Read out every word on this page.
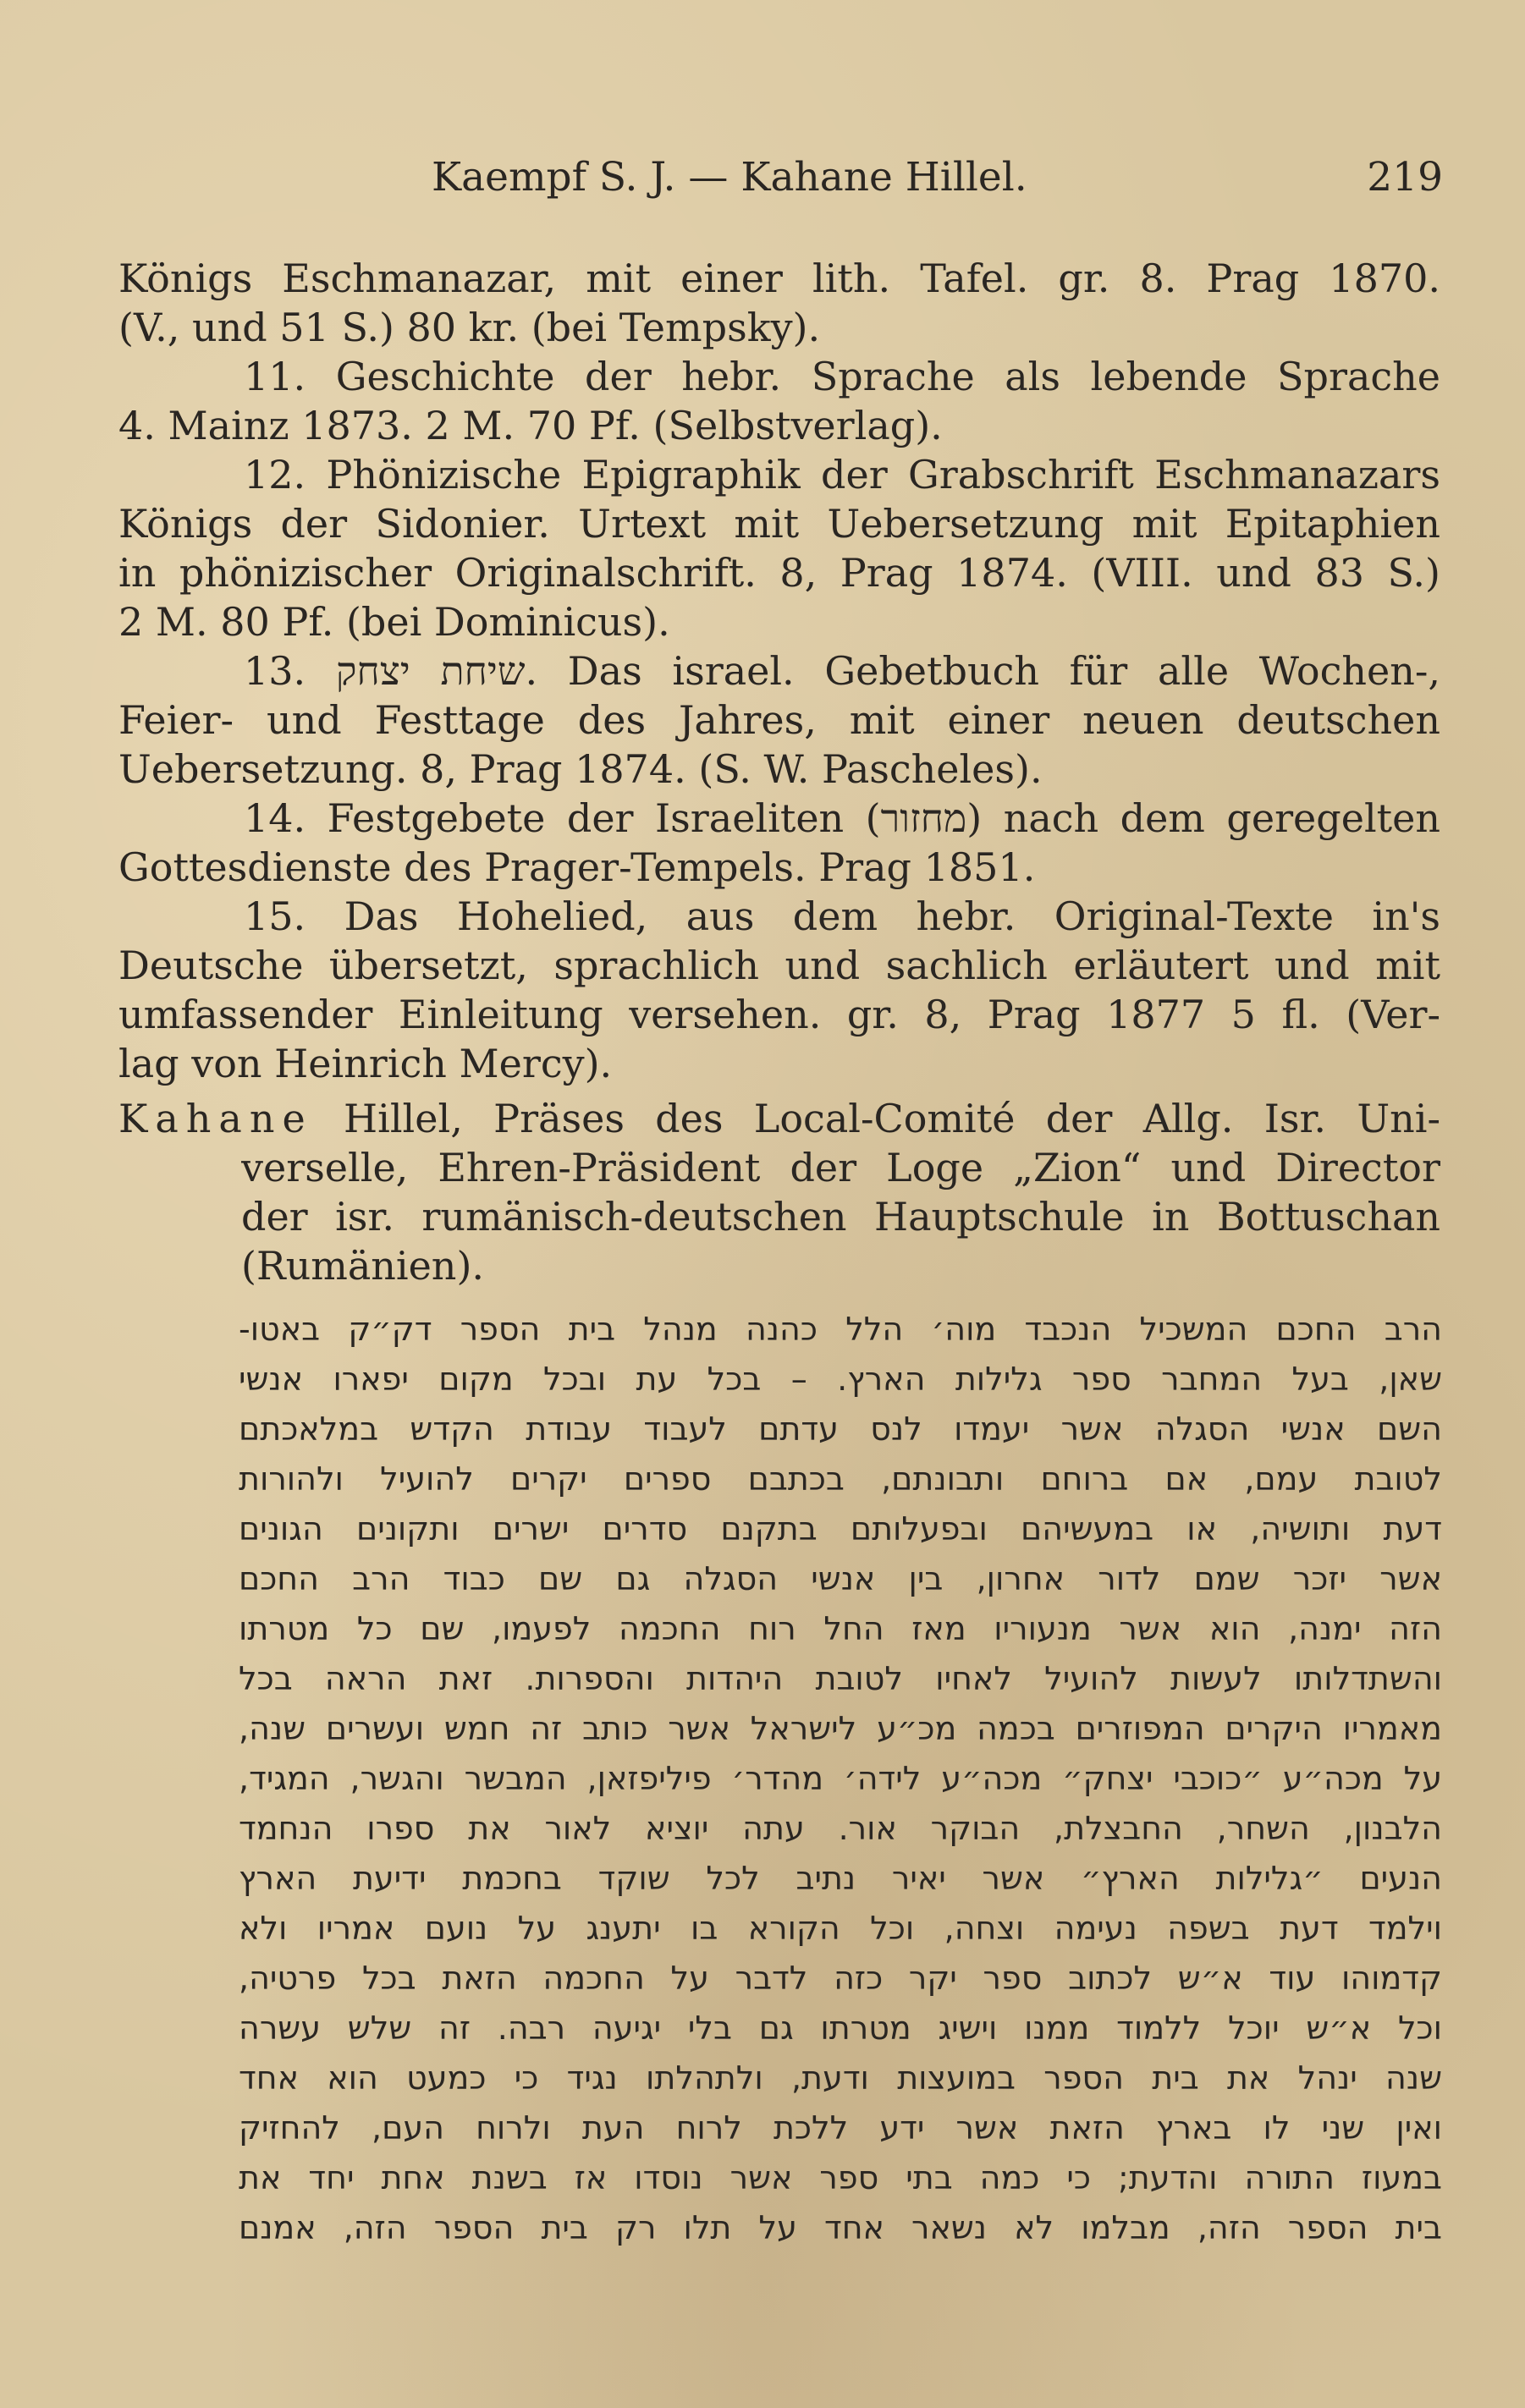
Kaempf S. J. — Kahane Hillel.	219
Königs Eschmanazar, mit einer lith. Tafel. gr. 8. Prag 1870.
(V., und 51 S.) 80 kr. (bei Tempsky).
11. Geschichte der hebr. Sprache als lebende Sprache
4. Mainz 1873. 2 M. 70 Pf. (Selbstverlag).
12. Phönizische Epigraphik der Grabschrift Eschmanazars
Königs der Sidonier. Urtext mit Uebersetzung mit Epitaphien
in phönizischer Originalschrift. 8, Prag 1874. (VIII. und 83 S.)
2 M. 80 Pf. (bei Dominicus).
13. שיחת יצחק. Das israel. Gebetbuch für alle Wochen-,
Feier- und Festtage des Jahres, mit einer neuen deutschen
Uebersetzung. 8, Prag 1874. (S. W. Pascheles).
14. Festgebete der Israeliten (מחזור) nach dem geregelten
Gottesdienste des Prager-Tempels. Prag 1851.
15. Das Hohelied, aus dem hebr. Original-Texte in's
Deutsche übersetzt, sprachlich und sachlich erläutert und mit
umfassender Einleitung versehen. gr. 8, Prag 1877 5 fl. (Ver-
lag von Heinrich Mercy).
Kahane Hillel, Präses des Local-Comité der Allg. Isr. Uni-
verselle, Ehren-Präsident der Loge „Zion“ und Director
der isr. rumänisch-deutschen Hauptschule in Bottuschan
(Rumänien).
הרב החכם המשכיל הנכבד מוה׳ הלל כהנה מנהל בית הספר דק״ק באטו-
שאן, בעל המחבר ספר גלילות הארץ. – בכל עת ובכל מקום יפארו אנשי
השם אנשי הסגלה אשר יעמדו לנס עדתם לעבוד עבודת הקדש במלאכתם
לטובת עמם, אם ברוחם ותבונתם, בכתבם ספרים יקרים להועיל ולהורות
דעת ותושיה, או במעשיהם ובפעלותם בתקנם סדרים ישרים ותקונים הגונים
אשר יזכר שמם לדור אחרון, בין אנשי הסגלה גם שם כבוד הרב החכם
הזה ימנה, הוא אשר מנעוריו מאז החל רוח החכמה לפעמו, שם כל מטרתו
והשתדלותו לעשות להועיל לאחיו לטובת היהדות והספרות. זאת הראה בכל
מאמריו היקרים המפוזרים בכמה מכ״ע לישראל אשר כותב זה חמש ועשרים שנה,
על מכה״ע ״כוכבי יצחק״ מכה״ע לידה׳ מהדר׳ פיליפזאן, המבשר והגשר, המגיד,
הלבנון, השחר, החבצלת, הבוקר אור. עתה יוציא לאור את ספרו הנחמד
הנעים ״גלילות הארץ״ אשר יאיר נתיב לכל שוקד בחכמת ידיעת הארץ
וילמד דעת בשפה נעימה וצחה, וכל הקורא בו יתענג על נועם אמריו ולא
קדמוהו עוד א״ש לכתוב ספר יקר כזה לדבר על החכמה הזאת בכל פרטיה,
וכל א״ש יוכל ללמוד ממנו וישיג מטרתו גם בלי יגיעה רבה. זה שלש עשרה
שנה ינהל את בית הספר במועצות ודעת, ולתהלתו נגיד כי כמעט הוא אחד
ואין שני לו בארץ הזאת אשר ידע ללכת לרוח העת ולרוח העם, להחזיק
במעוז התורה והדעת; כי כמה בתי ספר אשר נוסדו אז בשנת אחת יחד את
בית הספר הזה, מבלמו לא נשאר אחד על תלו רק בית הספר הזה, אמנם
